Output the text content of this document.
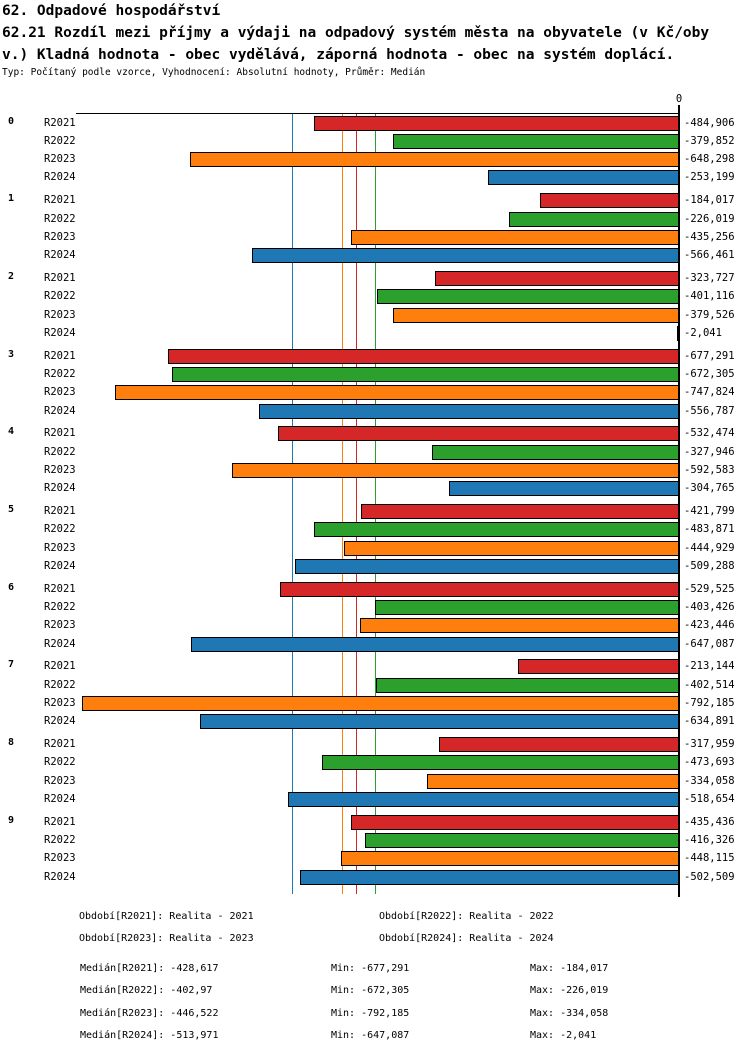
62. Odpadové hospodářství
62.21 Rozdíl mezi příjmy a výdaji na odpadový systém města na obyvatele (v Kč/oby
v.) Kladná hodnota - obec vydělává, záporná hodnota - obec na systém doplácí.
Typ: Počítaný podle vzorce, Vyhodnocení: Absolutní hodnoty, Průměr: Medián
0	R2021	-484,906
R2022	-379,852
R2023	-648,298
R2024	-253,199
1	R2021	-184,017
R2022	-226,019
R2023	-435,256
R2024	-566,461
2	R2021	-323,727
R2022	-401,116
R2023	-379,526
R2024	-2,041
3	R2021	-677,291
R2022	-672,305
R2023	-747,824
R2024	-556,787
4	R2021	-532,474
R2022	-327,946
R2023	-592,583
R2024	-304,765
5	R2021	-421,799
R2022	-483,871
R2023	-444,929
R2024	-509,288
6	R2021	-529,525
R2022	-403,426
R2023	-423,446
R2024	-647,087
7	R2021	-213,144
R2022	-402,514
R2023	-792,185
R2024	-634,891
8	R2021	-317,959
R2022	-473,693
R2023	-334,058
R2024	-518,654
9	R2021	-435,436
R2022	-416,326
R2023	-448,115
R2024	-502,509
0
Období[R2021]: Realita - 2021	Období[R2022]: Realita - 2022
Období[R2023]: Realita - 2023	Období[R2024]: Realita - 2024
Medián[R2021]: -428,617	Min: -677,291	Max: -184,017
Medián[R2022]: -402,97	Min: -672,305	Max: -226,019
Medián[R2023]: -446,522	Min: -792,185	Max: -334,058
Medián[R2024]: -513,971	Min: -647,087	Max: -2,041
